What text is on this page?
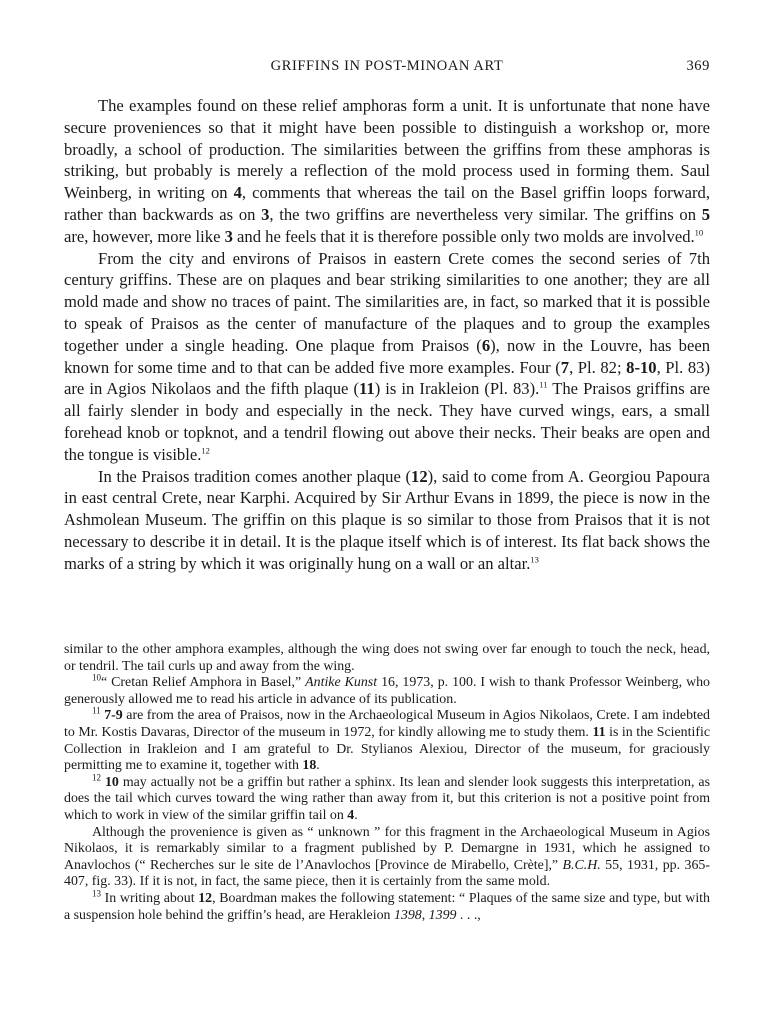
GRIFFINS IN POST-MINOAN ART	369

The examples found on these relief amphoras form a unit. It is unfortunate that none have secure proveniences so that it might have been possible to distinguish a workshop or, more broadly, a school of production. The similarities between the griffins from these amphoras is striking, but probably is merely a reflection of the mold process used in forming them. Saul Weinberg, in writing on 4, comments that whereas the tail on the Basel griffin loops forward, rather than backwards as on 3, the two griffins are nevertheless very similar. The griffins on 5 are, however, more like 3 and he feels that it is therefore possible only two molds are involved.$^{10}$

From the city and environs of Praisos in eastern Crete comes the second series of 7th century griffins. These are on plaques and bear striking similarities to one another; they are all mold made and show no traces of paint. The similarities are, in fact, so marked that it is possible to speak of Praisos as the center of manufacture of the plaques and to group the examples together under a single heading. One plaque from Praisos (6), now in the Louvre, has been known for some time and to that can be added five more examples. Four (7, Pl. 82; 8-10, Pl. 83) are in Agios Nikolaos and the fifth plaque (11) is in Irakleion (Pl. 83).$^{11}$ The Praisos griffins are all fairly slender in body and especially in the neck. They have curved wings, ears, a small forehead knob or topknot, and a tendril flowing out above their necks. Their beaks are open and the tongue is visible.$^{12}$

In the Praisos tradition comes another plaque (12), said to come from A. Georgiou Papoura in east central Crete, near Karphi. Acquired by Sir Arthur Evans in 1899, the piece is now in the Ashmolean Museum. The griffin on this plaque is so similar to those from Praisos that it is not necessary to describe it in detail. It is the plaque itself which is of interest. Its flat back shows the marks of a string by which it was originally hung on a wall or an altar.$^{13}$

similar to the other amphora examples, although the wing does not swing over far enough to touch the neck, head, or tendril. The tail curls up and away from the wing.

$^{10}$“ Cretan Relief Amphora in Basel,” Antike Kunst 16, 1973, p. 100. I wish to thank Professor Weinberg, who generously allowed me to read his article in advance of its publication.

$^{11}$ 7-9 are from the area of Praisos, now in the Archaeological Museum in Agios Nikolaos, Crete. I am indebted to Mr. Kostis Davaras, Director of the museum in 1972, for kindly allowing me to study them. 11 is in the Scientific Collection in Irakleion and I am grateful to Dr. Stylianos Alexiou, Director of the museum, for graciously permitting me to examine it, together with 18.

$^{12}$ 10 may actually not be a griffin but rather a sphinx. Its lean and slender look suggests this interpretation, as does the tail which curves toward the wing rather than away from it, but this criterion is not a positive point from which to work in view of the similar griffin tail on 4.

Although the provenience is given as “ unknown ” for this fragment in the Archaeological Museum in Agios Nikolaos, it is remarkably similar to a fragment published by P. Demargne in 1931, which he assigned to Anavlochos (“ Recherches sur le site de l’Anavlochos [Province de Mirabello, Crète],” B.C.H. 55, 1931, pp. 365-407, fig. 33). If it is not, in fact, the same piece, then it is certainly from the same mold.

$^{13}$ In writing about 12, Boardman makes the following statement: “ Plaques of the same size and type, but with a suspension hole behind the griffin’s head, are Herakleion 1398, 1399 . . .,
